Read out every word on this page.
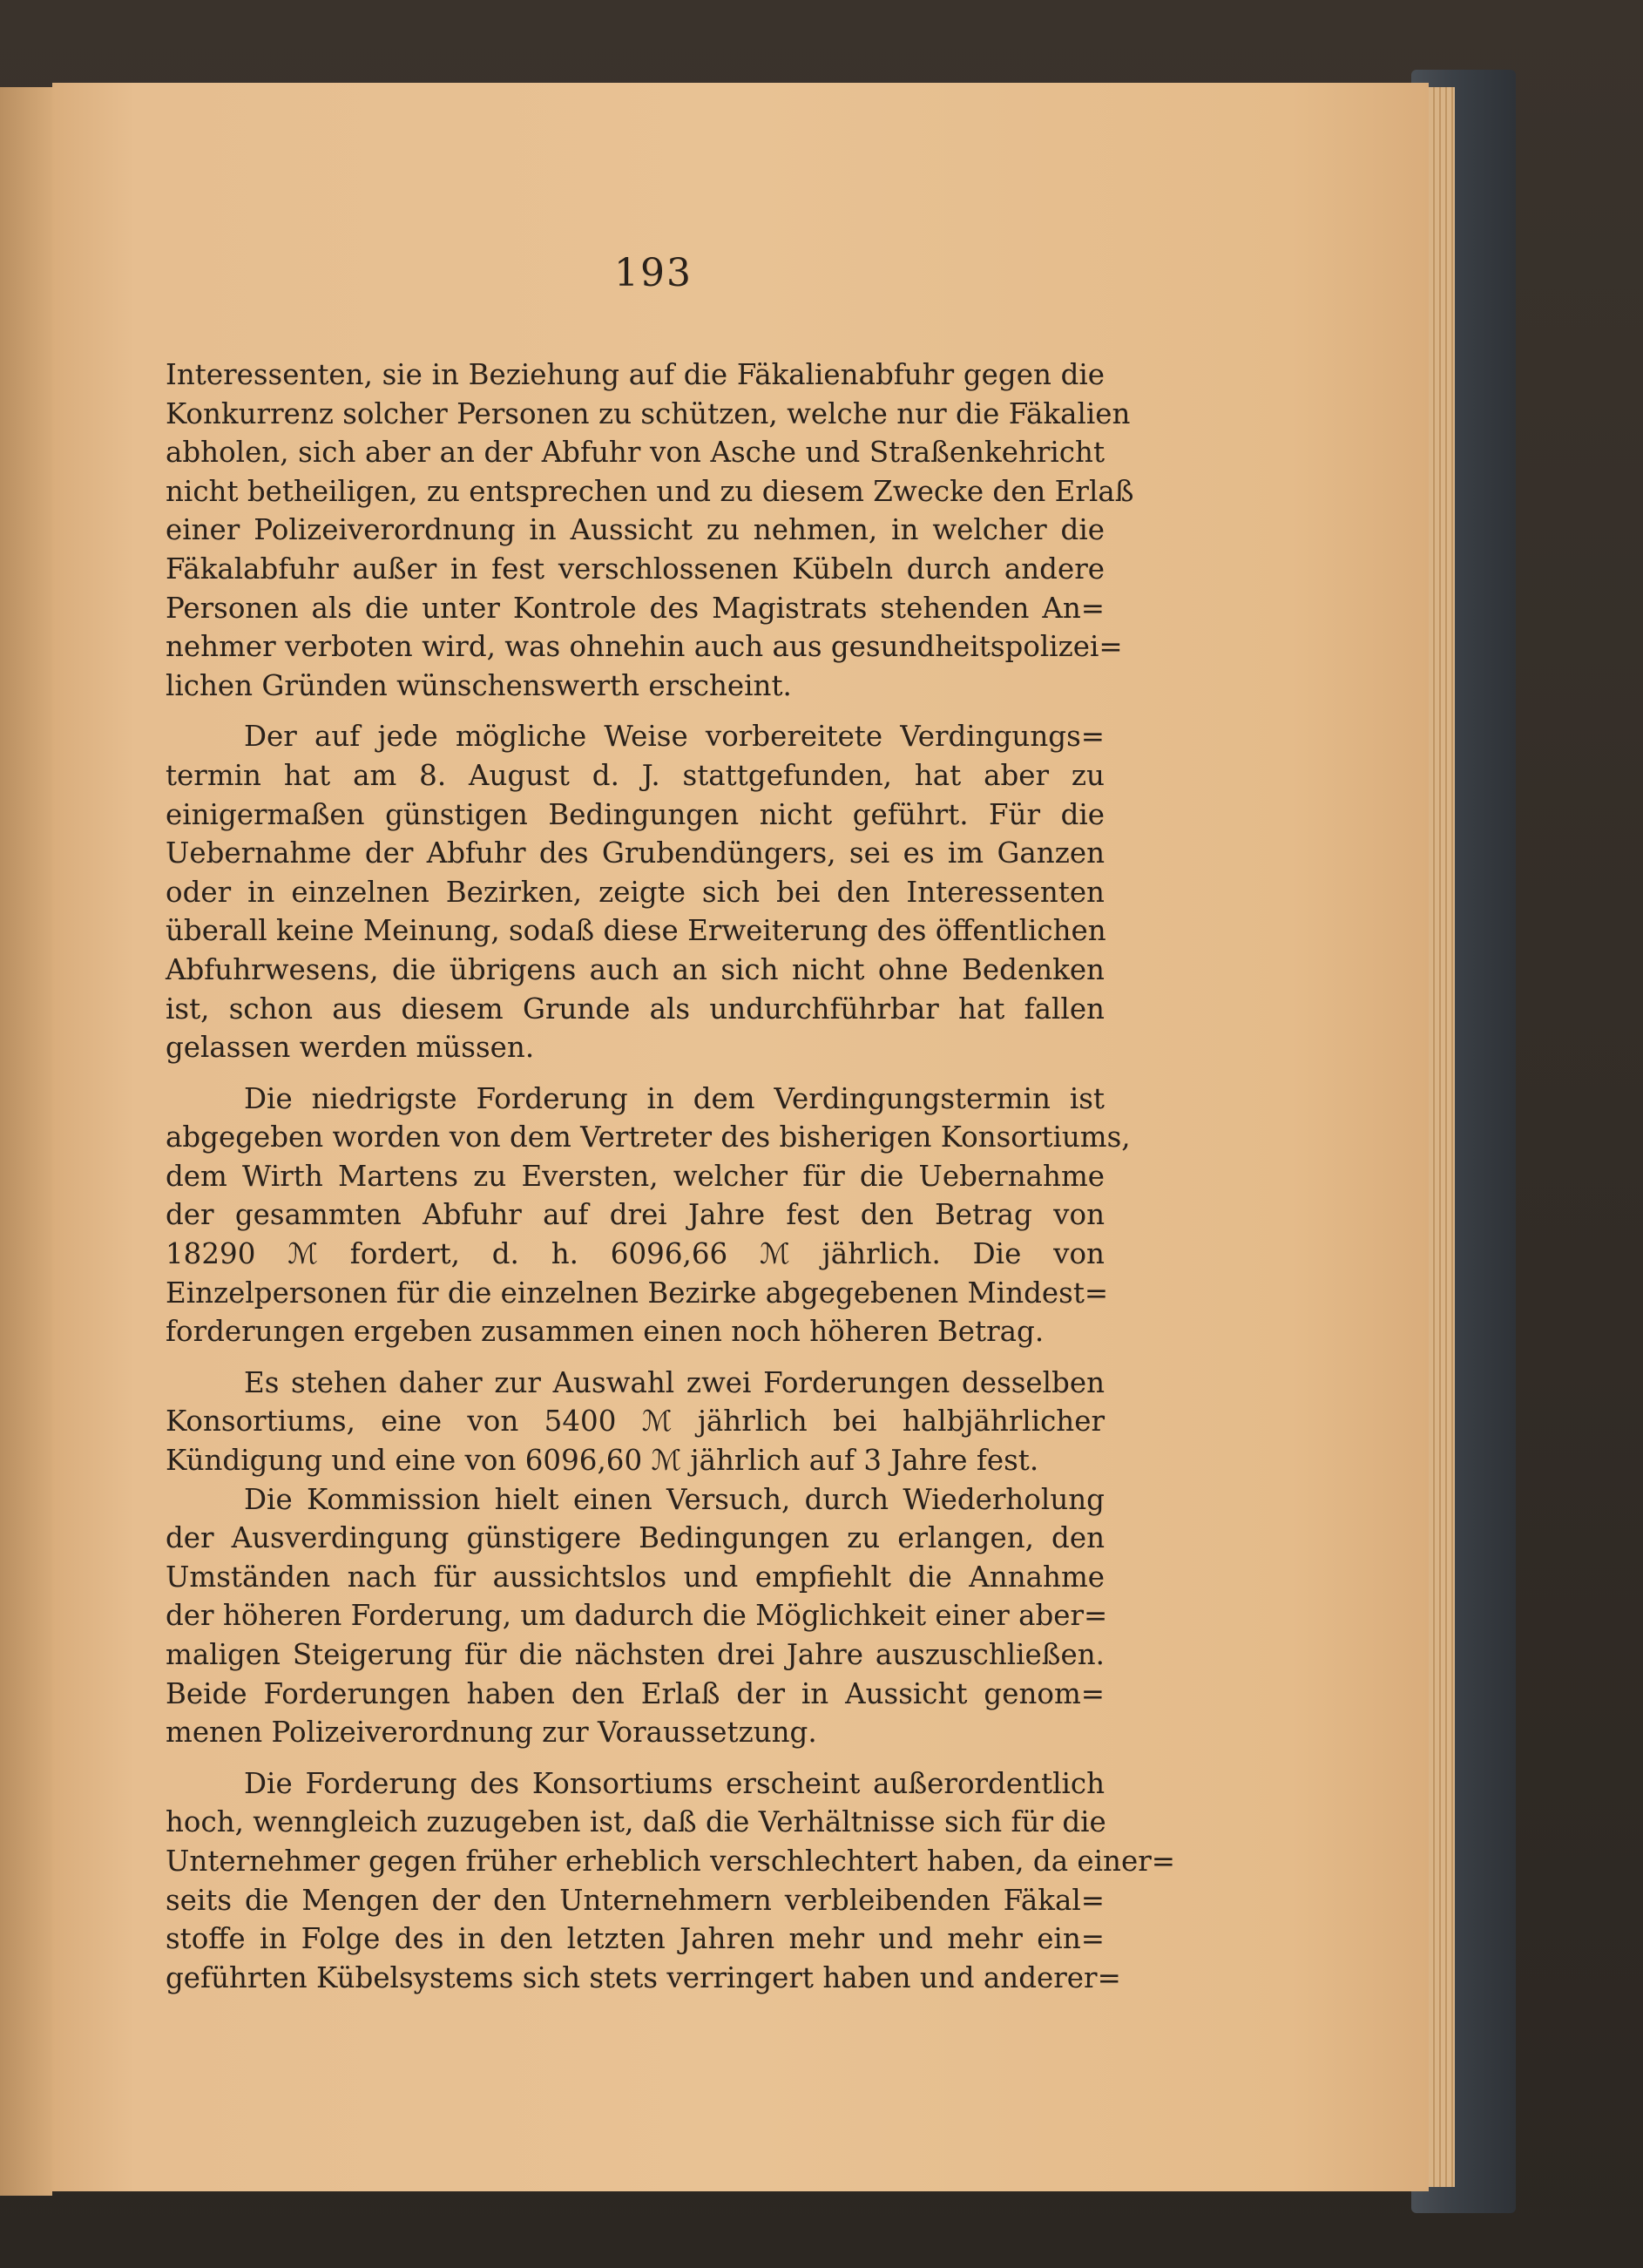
193
Interessenten, sie in Beziehung auf die Fäkalienabfuhr gegen die
Konkurrenz solcher Personen zu schützen, welche nur die Fäkalien
abholen, sich aber an der Abfuhr von Asche und Straßenkehricht
nicht betheiligen, zu entsprechen und zu diesem Zwecke den Erlaß
einer Polizeiverordnung in Aussicht zu nehmen, in welcher die
Fäkalabfuhr außer in fest verschlossenen Kübeln durch andere
Personen als die unter Kontrole des Magistrats stehenden An=
nehmer verboten wird, was ohnehin auch aus gesundheitspolizei=
lichen Gründen wünschenswerth erscheint.
Der auf jede mögliche Weise vorbereitete Verdingungs=
termin hat am 8. August d. J. stattgefunden, hat aber zu
einigermaßen günstigen Bedingungen nicht geführt. Für die
Uebernahme der Abfuhr des Grubendüngers, sei es im Ganzen
oder in einzelnen Bezirken, zeigte sich bei den Interessenten
überall keine Meinung, sodaß diese Erweiterung des öffentlichen
Abfuhrwesens, die übrigens auch an sich nicht ohne Bedenken
ist, schon aus diesem Grunde als undurchführbar hat fallen
gelassen werden müssen.
Die niedrigste Forderung in dem Verdingungstermin ist
abgegeben worden von dem Vertreter des bisherigen Konsortiums,
dem Wirth Martens zu Eversten, welcher für die Uebernahme
der gesammten Abfuhr auf drei Jahre fest den Betrag von
18290 ℳ fordert, d. h. 6096,66 ℳ jährlich. Die von
Einzelpersonen für die einzelnen Bezirke abgegebenen Mindest=
forderungen ergeben zusammen einen noch höheren Betrag.
Es stehen daher zur Auswahl zwei Forderungen desselben
Konsortiums, eine von 5400 ℳ jährlich bei halbjährlicher
Kündigung und eine von 6096,60 ℳ jährlich auf 3 Jahre fest.
Die Kommission hielt einen Versuch, durch Wiederholung
der Ausverdingung günstigere Bedingungen zu erlangen, den
Umständen nach für aussichtslos und empfiehlt die Annahme
der höheren Forderung, um dadurch die Möglichkeit einer aber=
maligen Steigerung für die nächsten drei Jahre auszuschließen.
Beide Forderungen haben den Erlaß der in Aussicht genom=
menen Polizeiverordnung zur Voraussetzung.
Die Forderung des Konsortiums erscheint außerordentlich
hoch, wenngleich zuzugeben ist, daß die Verhältnisse sich für die
Unternehmer gegen früher erheblich verschlechtert haben, da einer=
seits die Mengen der den Unternehmern verbleibenden Fäkal=
stoffe in Folge des in den letzten Jahren mehr und mehr ein=
geführten Kübelsystems sich stets verringert haben und anderer=
